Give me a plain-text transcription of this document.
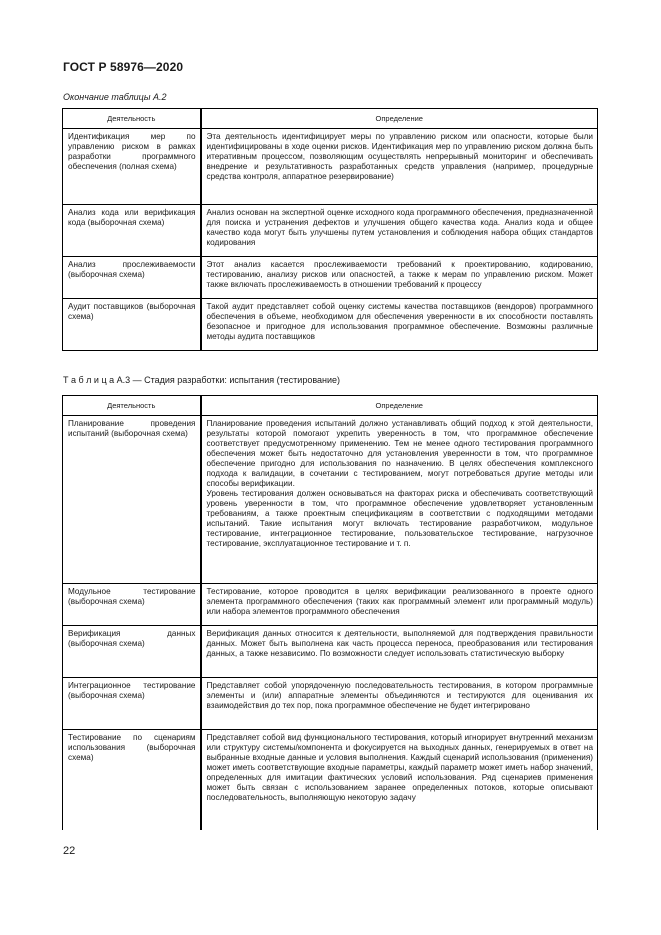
ГОСТ Р 58976—2020
Окончание таблицы А.2
Деятельность	Определение
Идентификация мер по управлению риском в рамках разработки программного обеспечения (полная схема)	Эта деятельность идентифицирует меры по управлению риском или опасности, которые были идентифицированы в ходе оценки рисков. Идентификация мер по управлению риском должна быть итеративным процессом, позволяющим осуществлять непрерывный мониторинг и обеспечивать внедрение и результативность разработанных средств управления (например, процедурные средства контроля, аппаратное резервирование)
Анализ кода или верификация кода (выборочная схема)	Анализ основан на экспертной оценке исходного кода программного обеспечения, предназначенной для поиска и устранения дефектов и улучшения общего качества кода. Анализ кода и общее качество кода могут быть улучшены путем установления и соблюдения набора общих стандартов кодирования
Анализ прослеживаемости (выборочная схема)	Этот анализ касается прослеживаемости требований к проектированию, кодированию, тестированию, анализу рисков или опасностей, а также к мерам по управлению риском. Может также включать прослеживаемость в отношении требований к процессу
Аудит поставщиков (выборочная схема)	Такой аудит представляет собой оценку системы качества поставщиков (вендоров) программного обеспечения в объеме, необходимом для обеспечения уверенности в их способности поставлять безопасное и пригодное для использования программное обеспечение. Возможны различные методы аудита поставщиков
Т а б л и ц а А.3 — Стадия разработки: испытания (тестирование)
Деятельность	Определение
Планирование проведения испытаний (выборочная схема)	Планирование проведения испытаний должно устанавливать общий подход к этой деятельности, результаты которой помогают укрепить уверенность в том, что программное обеспечение соответствует предусмотренному применению. Тем не менее одного тестирования программного обеспечения может быть недостаточно для установления уверенности в том, что программное обеспечение пригодно для использования по назначению. В целях обеспечения комплексного подхода к валидации, в сочетании с тестированием, могут потребоваться другие методы или способы верификации.
Уровень тестирования должен основываться на факторах риска и обеспечивать соответствующий уровень уверенности в том, что программное обеспечение удовлетворяет установленным требованиям, а также проектным спецификациям в соответствии с подходящими методами испытаний. Такие испытания могут включать тестирование разработчиком, модульное тестирование, интеграционное тестирование, пользовательское тестирование, нагрузочное тестирование, эксплуатационное тестирование и т. п.

Модульное тестирование (выборочная схема)	Тестирование, которое проводится в целях верификации реализованного в проекте одного элемента программного обеспечения (таких как программный элемент или программный модуль) или набора элементов программного обеспечения
Верификация данных (выборочная схема)	Верификация данных относится к деятельности, выполняемой для подтверждения правильности данных. Может быть выполнена как часть процесса переноса, преобразования или тестирования данных, а также независимо. По возможности следует использовать статистическую выборку
Интеграционное тестирование (выборочная схема)	Представляет собой упорядоченную последовательность тестирования, в котором программные элементы и (или) аппаратные элементы объединяются и тестируются для оценивания их взаимодействия до тех пор, пока программное обеспечение не будет интегрировано
Тестирование по сценариям использования (выборочная схема)	Представляет собой вид функционального тестирования, который игнорирует внутренний механизм или структуру системы/компонента и фокусируется на выходных данных, генерируемых в ответ на выбранные входные данные и условия выполнения. Каждый сценарий использования (применения) может иметь соответствующие входные параметры, каждый параметр может иметь набор значений, определенных для имитации фактических условий использования. Ряд сценариев применения может быть связан с использованием заранее определенных потоков, которые описывают последовательность, выполняющую некоторую задачу
22
